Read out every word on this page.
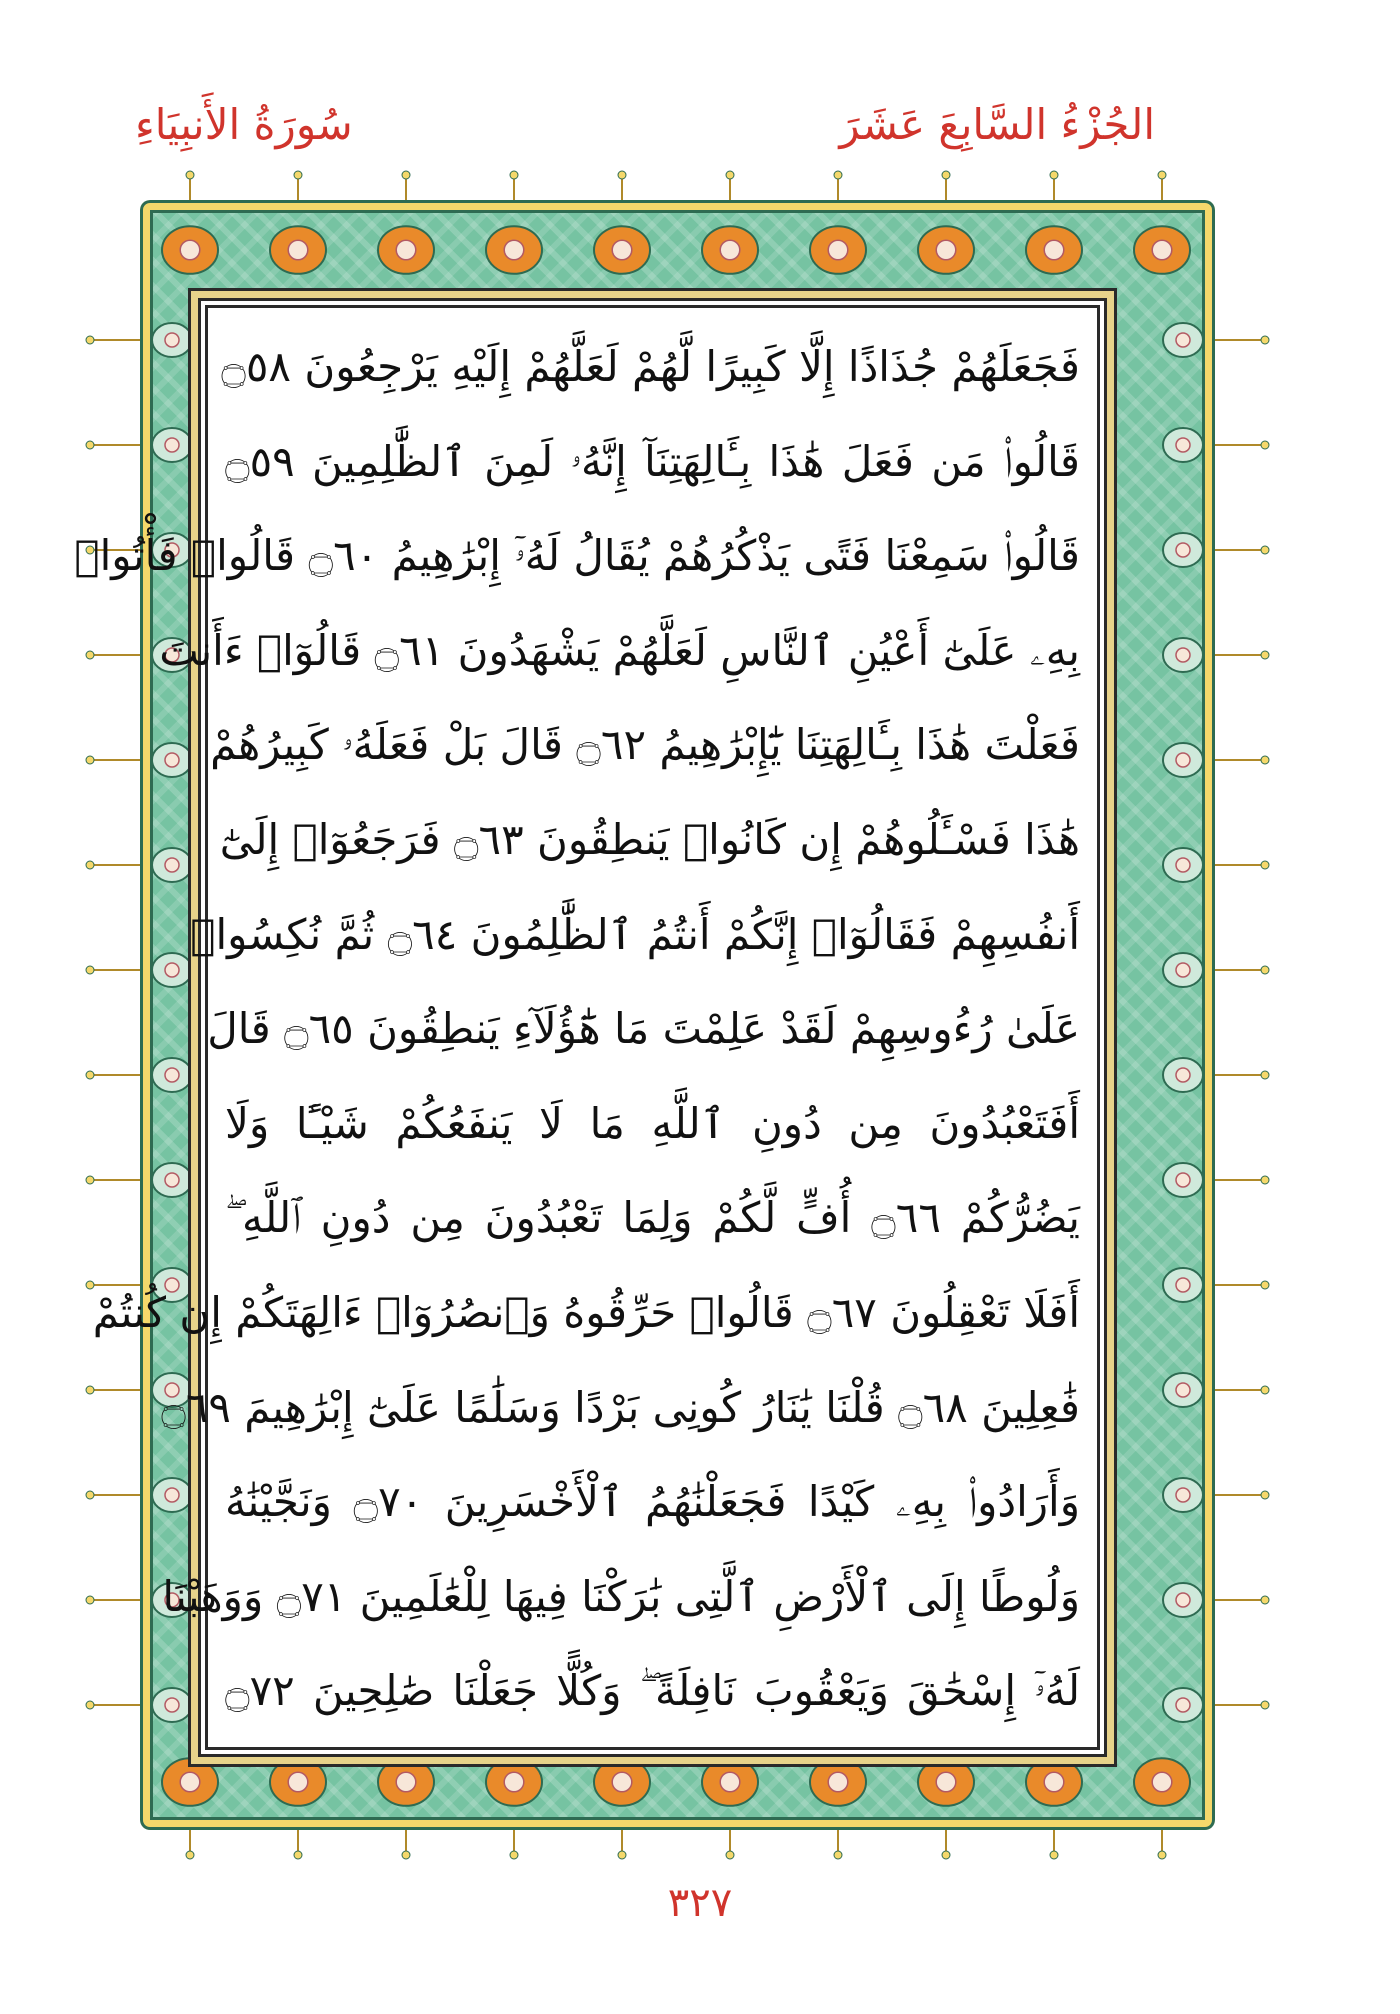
الجُزْءُ السَّابِعَ عَشَرَ
سُورَةُ الأَنبِيَاءِ
فَجَعَلَهُمْ جُذَاذًا إِلَّا كَبِيرًا لَّهُمْ لَعَلَّهُمْ إِلَيْهِ يَرْجِعُونَ ۝٥٨
قَالُوا۟ مَن فَعَلَ هَٰذَا بِـَٔالِهَتِنَآ إِنَّهُۥ لَمِنَ ٱلظَّٰلِمِينَ ۝٥٩
قَالُوا۟ سَمِعْنَا فَتًى يَذْكُرُهُمْ يُقَالُ لَهُۥٓ إِبْرَٰهِيمُ ۝٦٠ قَالُوا۟ فَأْتُوا۟
بِهِۦ عَلَىٰٓ أَعْيُنِ ٱلنَّاسِ لَعَلَّهُمْ يَشْهَدُونَ ۝٦١ قَالُوٓا۟ ءَأَنتَ
فَعَلْتَ هَٰذَا بِـَٔالِهَتِنَا يَٰٓإِبْرَٰهِيمُ ۝٦٢ قَالَ بَلْ فَعَلَهُۥ كَبِيرُهُمْ
هَٰذَا فَسْـَٔلُوهُمْ إِن كَانُوا۟ يَنطِقُونَ ۝٦٣ فَرَجَعُوٓا۟ إِلَىٰٓ
أَنفُسِهِمْ فَقَالُوٓا۟ إِنَّكُمْ أَنتُمُ ٱلظَّٰلِمُونَ ۝٦٤ ثُمَّ نُكِسُوا۟
عَلَىٰ رُءُوسِهِمْ لَقَدْ عَلِمْتَ مَا هَٰٓؤُلَآءِ يَنطِقُونَ ۝٦٥ قَالَ
أَفَتَعْبُدُونَ مِن دُونِ ٱللَّهِ مَا لَا يَنفَعُكُمْ شَيْـًٔا وَلَا
يَضُرُّكُمْ ۝٦٦ أُفٍّ لَّكُمْ وَلِمَا تَعْبُدُونَ مِن دُونِ ٱللَّهِ ۖ
أَفَلَا تَعْقِلُونَ ۝٦٧ قَالُوا۟ حَرِّقُوهُ وَٱنصُرُوٓا۟ ءَالِهَتَكُمْ إِن كُنتُمْ
فَٰعِلِينَ ۝٦٨ قُلْنَا يَٰنَارُ كُونِى بَرْدًا وَسَلَٰمًا عَلَىٰٓ إِبْرَٰهِيمَ ۝٦٩
وَأَرَادُوا۟ بِهِۦ كَيْدًا فَجَعَلْنَٰهُمُ ٱلْأَخْسَرِينَ ۝٧٠ وَنَجَّيْنَٰهُ
وَلُوطًا إِلَى ٱلْأَرْضِ ٱلَّتِى بَٰرَكْنَا فِيهَا لِلْعَٰلَمِينَ ۝٧١ وَوَهَبْنَا
لَهُۥٓ إِسْحَٰقَ وَيَعْقُوبَ نَافِلَةً ۖ وَكُلًّا جَعَلْنَا صَٰلِحِينَ ۝٧٢
٣٢٧
